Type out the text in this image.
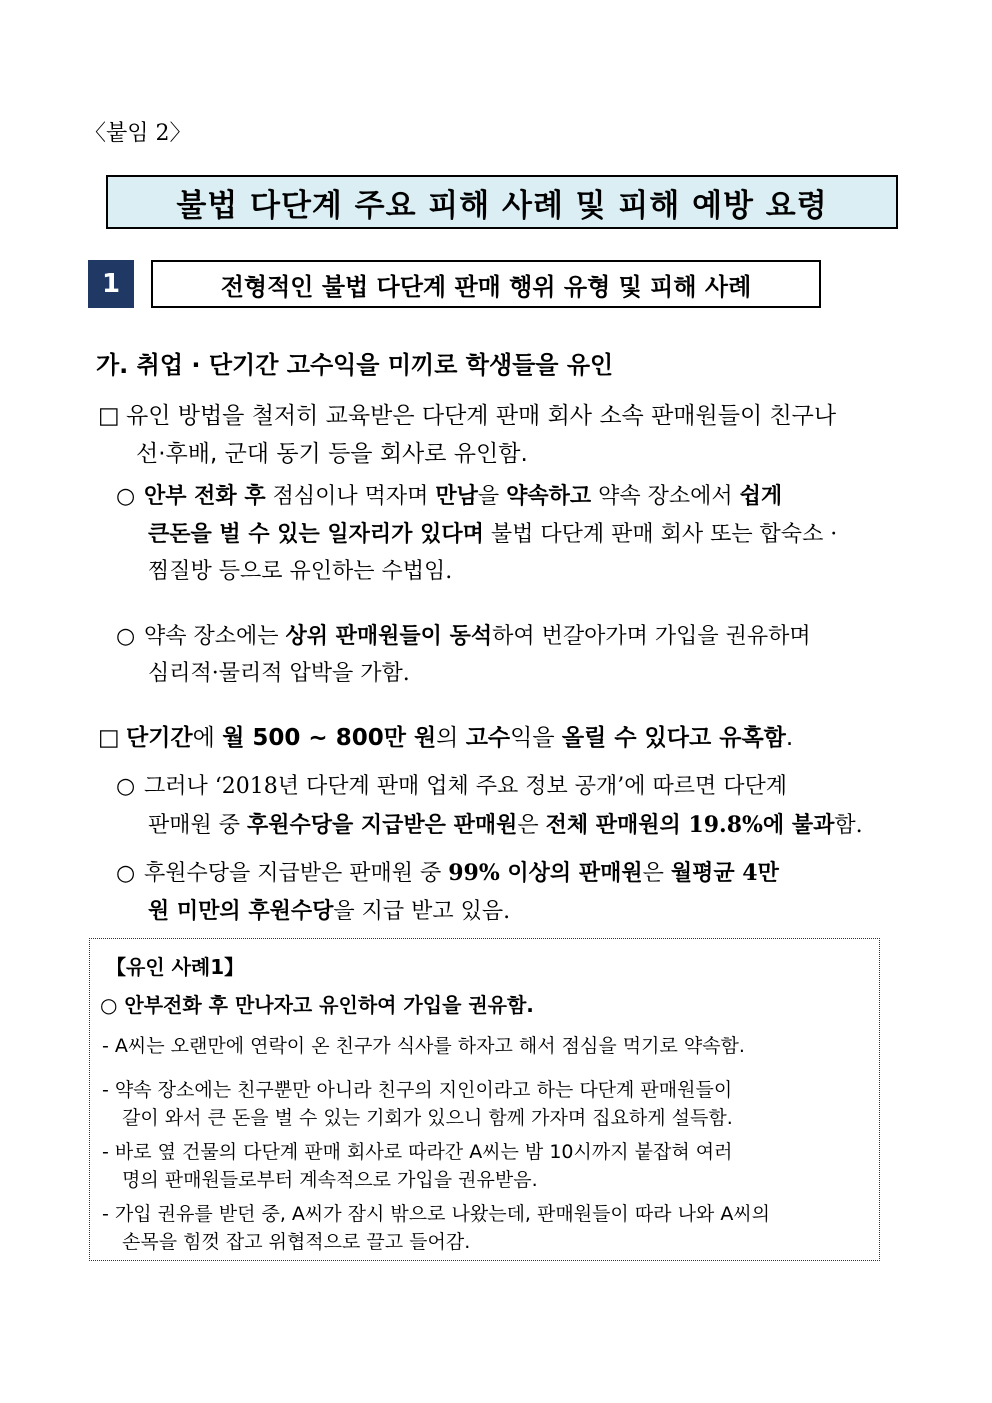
〈붙임 2〉
불법 다단계 주요 피해 사례 및 피해 예방 요령
1	전형적인 불법 다단계 판매 행위 유형 및 피해 사례
가. 취업 · 단기간 고수익을 미끼로 학생들을 유인
□ 유인 방법을 철저히 교육받은 다단계 판매 회사 소속 판매원들이 친구나
선·후배, 군대 동기 등을 회사로 유인함.
○ 안부 전화 후 점심이나 먹자며 만남을 약속하고 약속 장소에서 쉽게
큰돈을 벌 수 있는 일자리가 있다며 불법 다단계 판매 회사 또는 합숙소 ·
찜질방 등으로 유인하는 수법임.
○ 약속 장소에는 상위 판매원들이 동석하여 번갈아가며 가입을 권유하며
심리적·물리적 압박을 가함.
□ 단기간에 월 500 ~ 800만 원의 고수익을 올릴 수 있다고 유혹함.
○ 그러나 ‘2018년 다단계 판매 업체 주요 정보 공개’에 따르면 다단계
판매원 중 후원수당을 지급받은 판매원은 전체 판매원의 19.8%에 불과함.
○ 후원수당을 지급받은 판매원 중 99% 이상의 판매원은 월평균 4만
원 미만의 후원수당을 지급 받고 있음.
【유인 사례1】
○ 안부전화 후 만나자고 유인하여 가입을 권유함.
- A씨는 오랜만에 연락이 온 친구가 식사를 하자고 해서 점심을 먹기로 약속함.
- 약속 장소에는 친구뿐만 아니라 친구의 지인이라고 하는 다단계 판매원들이
갈이 와서 큰 돈을 벌 수 있는 기회가 있으니 함께 가자며 집요하게 설득함.
- 바로 옆 건물의 다단계 판매 회사로 따라간 A씨는 밤 10시까지 붙잡혀 여러
명의 판매원들로부터 계속적으로 가입을 권유받음.
- 가입 권유를 받던 중, A씨가 잠시 밖으로 나왔는데, 판매원들이 따라 나와 A씨의
손목을 힘껏 잡고 위협적으로 끌고 들어감.
